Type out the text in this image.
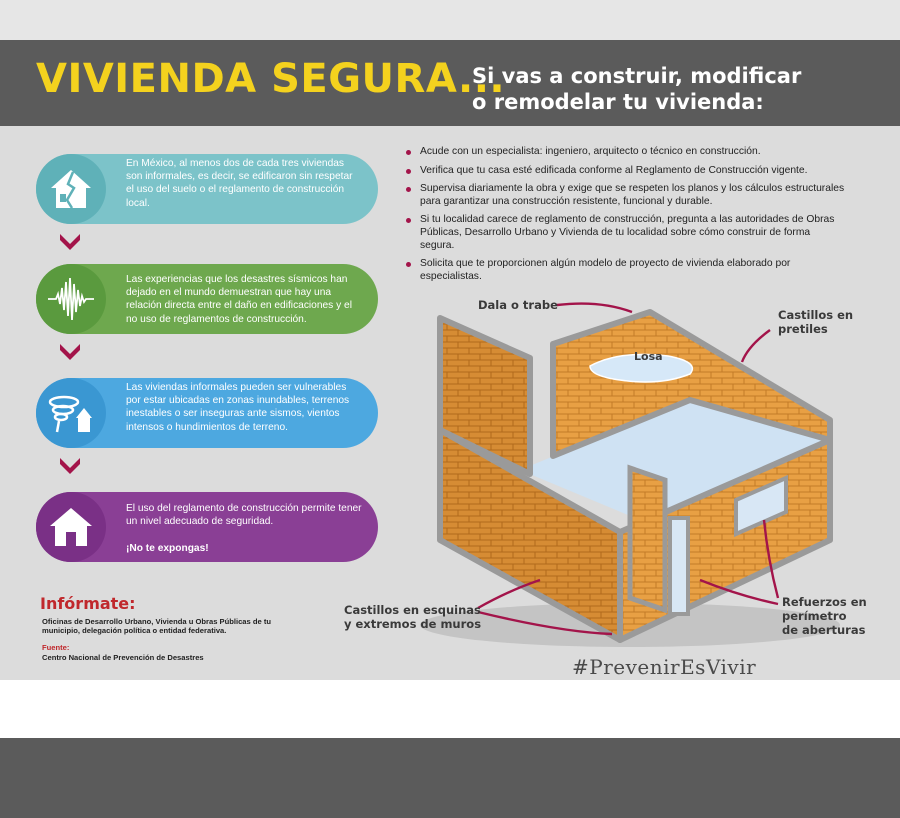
VIVIENDA SEGURA...
Si vas a construir, modificar
o remodelar tu vivienda:

En México, al menos dos de cada tres viviendas son informales, es decir, se edificaron sin respetar el uso del suelo o el reglamento de construcción local.

Las experiencias que los desastres sísmicos han dejado en el mundo demuestran que hay una relación directa entre el daño en edificaciones y el no uso de reglamentos de construcción.

Las viviendas informales pueden ser vulnerables por estar ubicadas en zonas inundables, terrenos inestables o ser inseguras ante sismos, vientos intensos o hundimientos de terreno.

El uso del reglamento de construcción permite tener un nivel adecuado de seguridad.

¡No te expongas!

Acude con un especialista: ingeniero, arquitecto o técnico en construcción.
Verifica que tu casa esté edificada conforme al Reglamento de Construcción vigente.
Supervisa diariamente la obra y exige que se respeten los planos y los cálculos estructurales para garantizar una construcción resistente, funcional y durable.
Si tu localidad carece de reglamento de construcción, pregunta a las autoridades de Obras Públicas, Desarrollo Urbano y Vivienda de tu localidad sobre cómo construir de forma segura.
Solicita que te proporcionen algún modelo de proyecto de vivienda elaborado por especialistas.
Dala o trabe
Castillos en
pretiles
Losa
Castillos en esquinas
y extremos de muros
Refuerzos en
perímetro
de aberturas
Infórmate:
Oficinas de Desarrollo Urbano, Vivienda u Obras Públicas de tu municipio, delegación política o entidad federativa.
Fuente:
Centro Nacional de Prevención de Desastres	#PrevenirEsVivir
